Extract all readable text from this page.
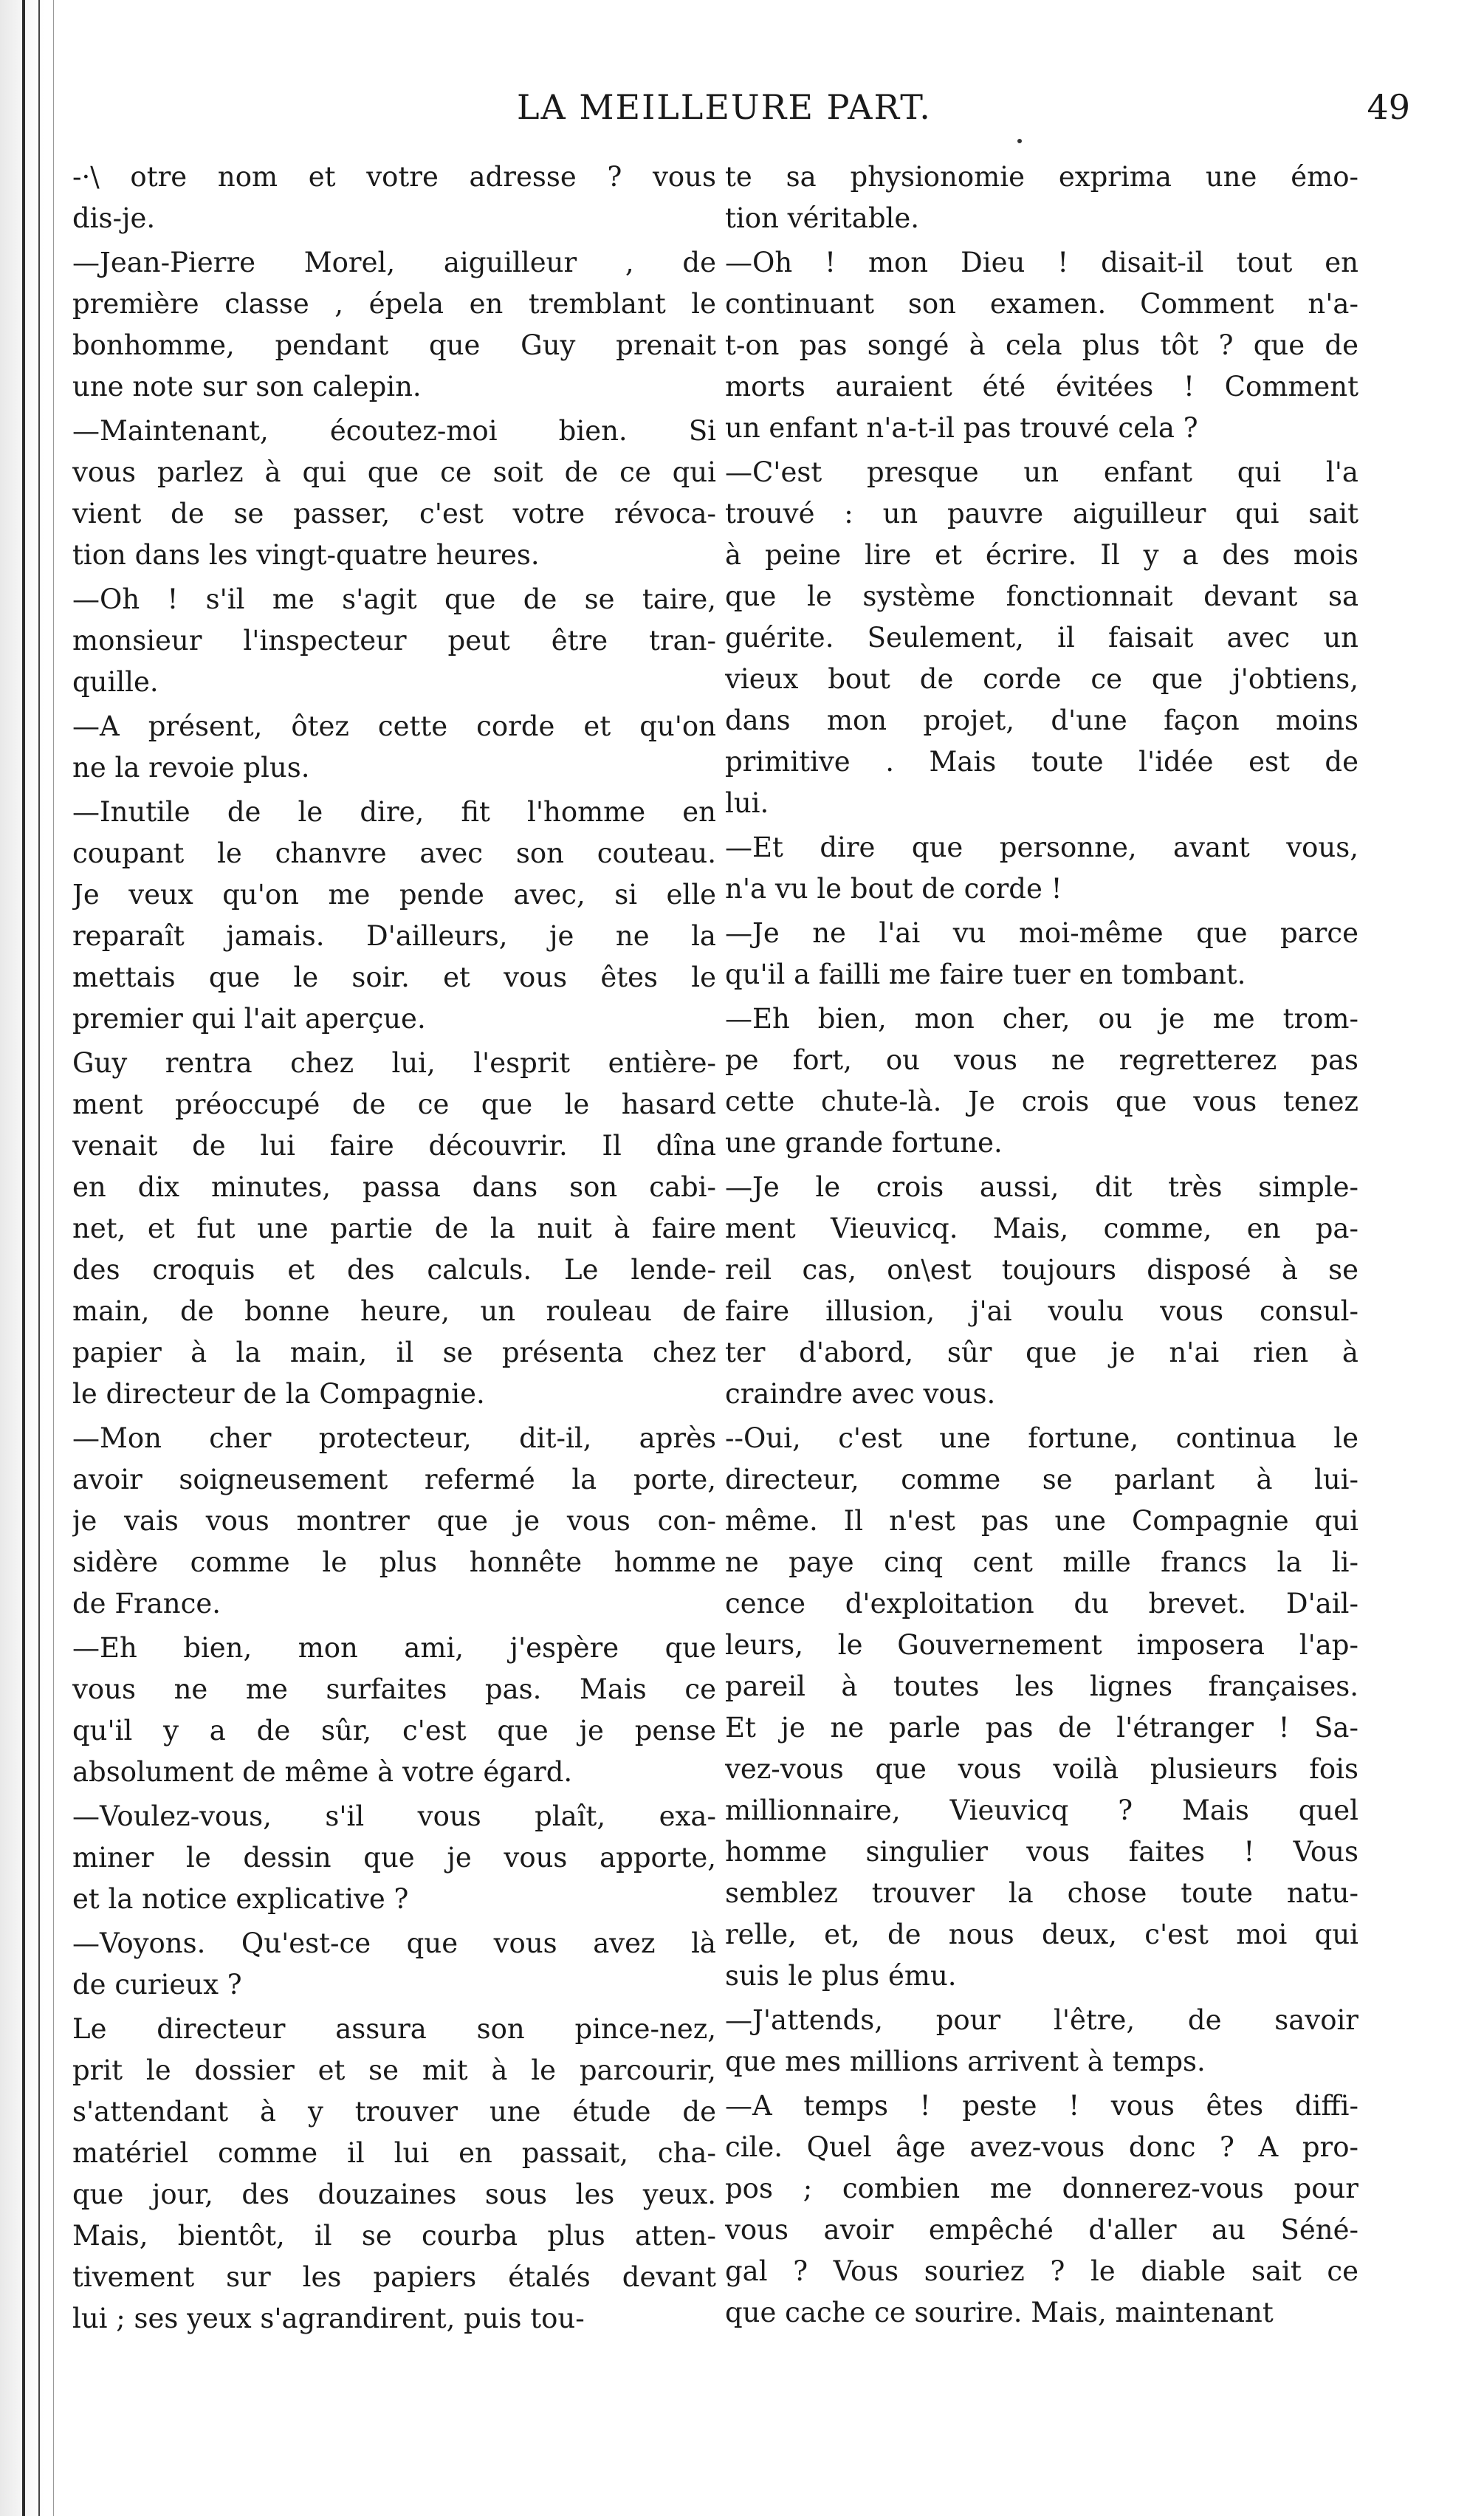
LA MEILLEURE PART.	49
-·\ otre nom et votre adresse ? vous
dis-je.
—Jean-Pierre Morel, aiguilleur , de
première classe , épela en tremblant le
bonhomme, pendant que Guy prenait
une note sur son calepin.
—Maintenant, écoutez-moi bien. Si
vous parlez à qui que ce soit de ce qui
vient de se passer, c'est votre révoca-
tion dans les vingt-quatre heures.
—Oh ! s'il me s'agit que de se taire,
monsieur l'inspecteur peut être tran-
quille.
—A présent, ôtez cette corde et qu'on
ne la revoie plus.
—Inutile de le dire, fit l'homme en
coupant le chanvre avec son couteau.
Je veux qu'on me pende avec, si elle
reparaît jamais. D'ailleurs, je ne la
mettais que le soir. et vous êtes le
premier qui l'ait aperçue.
Guy rentra chez lui, l'esprit entière-
ment préoccupé de ce que le hasard
venait de lui faire découvrir. Il dîna
en dix minutes, passa dans son cabi-
net, et fut une partie de la nuit à faire
des croquis et des calculs. Le lende-
main, de bonne heure, un rouleau de
papier à la main, il se présenta chez
le directeur de la Compagnie.
—Mon cher protecteur, dit-il, après
avoir soigneusement refermé la porte,
je vais vous montrer que je vous con-
sidère comme le plus honnête homme
de France.
—Eh bien, mon ami, j'espère que
vous ne me surfaites pas. Mais ce
qu'il y a de sûr, c'est que je pense
absolument de même à votre égard.
—Voulez-vous, s'il vous plaît, exa-
miner le dessin que je vous apporte,
et la notice explicative ?
—Voyons. Qu'est-ce que vous avez là
de curieux ?
Le directeur assura son pince-nez,
prit le dossier et se mit à le parcourir,
s'attendant à y trouver une étude de
matériel comme il lui en passait, cha-
que jour, des douzaines sous les yeux.
Mais, bientôt, il se courba plus atten-
tivement sur les papiers étalés devant
lui ; ses yeux s'agrandirent, puis tou-
te sa physionomie exprima une émo-
tion véritable.
—Oh ! mon Dieu ! disait-il tout en
continuant son examen. Comment n'a-
t-on pas songé à cela plus tôt ? que de
morts auraient été évitées ! Comment
un enfant n'a-t-il pas trouvé cela ?
—C'est presque un enfant qui l'a
trouvé : un pauvre aiguilleur qui sait
à peine lire et écrire. Il y a des mois
que le système fonctionnait devant sa
guérite. Seulement, il faisait avec un
vieux bout de corde ce que j'obtiens,
dans mon projet, d'une façon moins
primitive . Mais toute l'idée est de
lui.
—Et dire que personne, avant vous,
n'a vu le bout de corde !
—Je ne l'ai vu moi-même que parce
qu'il a failli me faire tuer en tombant.
—Eh bien, mon cher, ou je me trom-
pe fort, ou vous ne regretterez pas
cette chute-là. Je crois que vous tenez
une grande fortune.
—Je le crois aussi, dit très simple-
ment Vieuvicq. Mais, comme, en pa-
reil cas, on\est toujours disposé à se
faire illusion, j'ai voulu vous consul-
ter d'abord, sûr que je n'ai rien à
craindre avec vous.
--Oui, c'est une fortune, continua le
directeur, comme se parlant à lui-
même. Il n'est pas une Compagnie qui
ne paye cinq cent mille francs la li-
cence d'exploitation du brevet. D'ail-
leurs, le Gouvernement imposera l'ap-
pareil à toutes les lignes françaises.
Et je ne parle pas de l'étranger ! Sa-
vez-vous que vous voilà plusieurs fois
millionnaire, Vieuvicq ? Mais quel
homme singulier vous faites ! Vous
semblez trouver la chose toute natu-
relle, et, de nous deux, c'est moi qui
suis le plus ému.
—J'attends, pour l'être, de savoir
que mes millions arrivent à temps.
—A temps ! peste ! vous êtes diffi-
cile. Quel âge avez-vous donc ? A pro-
pos ; combien me donnerez-vous pour
vous avoir empêché d'aller au Séné-
gal ? Vous souriez ? le diable sait ce
que cache ce sourire. Mais, maintenant
